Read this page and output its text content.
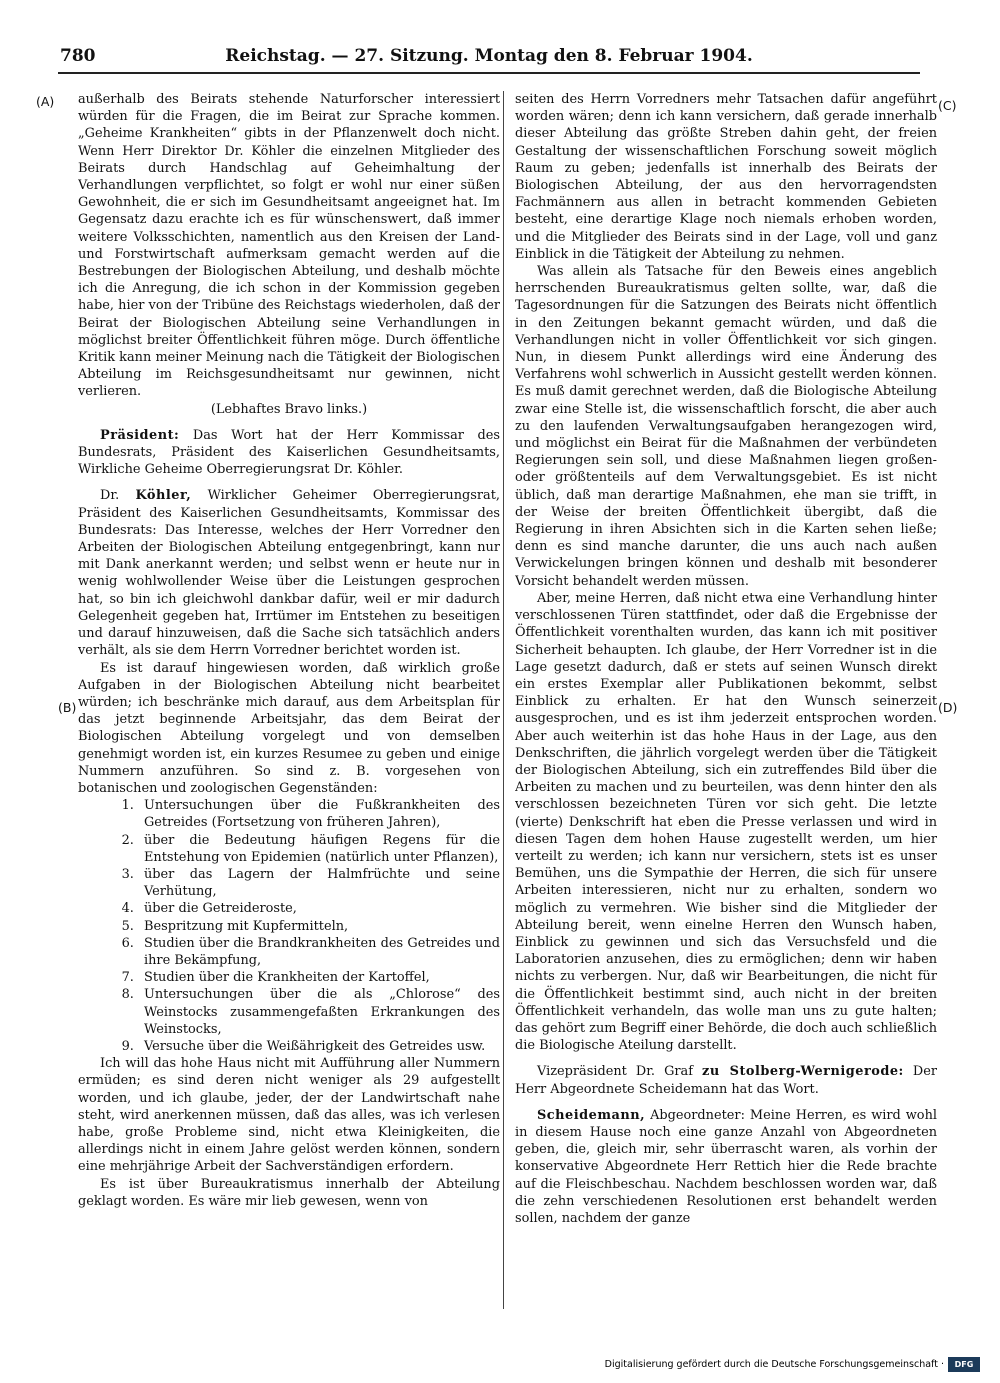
780	Reichstag. — 27. Sitzung. Montag den 8. Februar 1904.
(A)
(B)
(C)
(D)

außerhalb des Beirats stehende Naturforscher interessiert würden für die Fragen, die im Beirat zur Sprache kommen. „Geheime Krankheiten“ gibts in der Pflanzenwelt doch nicht. Wenn Herr Direktor Dr. Köhler die einzelnen Mitglieder des Beirats durch Handschlag auf Geheimhaltung der Verhandlungen verpflichtet, so folgt er wohl nur einer süßen Gewohnheit, die er sich im Gesundheitsamt angeeignet hat. Im Gegensatz dazu erachte ich es für wünschenswert, daß immer weitere Volksschichten, namentlich aus den Kreisen der Land- und Forstwirtschaft aufmerksam gemacht werden auf die Bestrebungen der Biologischen Abteilung, und deshalb möchte ich die Anregung, die ich schon in der Kommission gegeben habe, hier von der Tribüne des Reichstags wiederholen, daß der Beirat der Biologischen Abteilung seine Verhandlungen in möglichst breiter Öffentlichkeit führen möge. Durch öffentliche Kritik kann meiner Meinung nach die Tätigkeit der Biologischen Abteilung im Reichsgesundheitsamt nur gewinnen, nicht verlieren.

(Lebhaftes Bravo links.)

Präsident: Das Wort hat der Herr Kommissar des Bundesrats, Präsident des Kaiserlichen Gesundheitsamts, Wirkliche Geheime Oberregierungsrat Dr. Köhler.

Dr. Köhler, Wirklicher Geheimer Oberregierungsrat, Präsident des Kaiserlichen Gesundheitsamts, Kommissar des Bundesrats: Das Interesse, welches der Herr Vorredner den Arbeiten der Biologischen Abteilung entgegenbringt, kann nur mit Dank anerkannt werden; und selbst wenn er heute nur in wenig wohlwollender Weise über die Leistungen gesprochen hat, so bin ich gleichwohl dankbar dafür, weil er mir dadurch Gelegenheit gegeben hat, Irrtümer im Entstehen zu beseitigen und darauf hinzuweisen, daß die Sache sich tatsächlich anders verhält, als sie dem Herrn Vorredner berichtet worden ist.

Es ist darauf hingewiesen worden, daß wirklich große Aufgaben in der Biologischen Abteilung nicht bearbeitet würden; ich beschränke mich darauf, aus dem Arbeitsplan für das jetzt beginnende Arbeitsjahr, das dem Beirat der Biologischen Abteilung vorgelegt und von demselben genehmigt worden ist, ein kurzes Resumee zu geben und einige Nummern anzuführen. So sind z. B. vorgesehen von botanischen und zoologischen Gegenständen:

1. Untersuchungen über die Fußkrankheiten des Getreides (Fortsetzung von früheren Jahren),
2. über die Bedeutung häufigen Regens für die Entstehung von Epidemien (natürlich unter Pflanzen),
3. über das Lagern der Halmfrüchte und seine Verhütung,
4. über die Getreideroste,
5. Bespritzung mit Kupfermitteln,
6. Studien über die Brandkrankheiten des Getreides und ihre Bekämpfung,
7. Studien über die Krankheiten der Kartoffel,
8. Untersuchungen über die als „Chlorose“ des Weinstocks zusammengefaßten Erkrankungen des Weinstocks,
9. Versuche über die Weißährigkeit des Getreides usw.

Ich will das hohe Haus nicht mit Aufführung aller Nummern ermüden; es sind deren nicht weniger als 29 aufgestellt worden, und ich glaube, jeder, der der Landwirtschaft nahe steht, wird anerkennen müssen, daß das alles, was ich verlesen habe, große Probleme sind, nicht etwa Kleinigkeiten, die allerdings nicht in einem Jahre gelöst werden können, sondern eine mehrjährige Arbeit der Sachverständigen erfordern.

Es ist über Bureaukratismus innerhalb der Abteilung geklagt worden. Es wäre mir lieb gewesen, wenn von

seiten des Herrn Vorredners mehr Tatsachen dafür angeführt worden wären; denn ich kann versichern, daß gerade innerhalb dieser Abteilung das größte Streben dahin geht, der freien Gestaltung der wissenschaftlichen Forschung soweit möglich Raum zu geben; jedenfalls ist innerhalb des Beirats der Biologischen Abteilung, der aus den hervorragendsten Fachmännern aus allen in betracht kommenden Gebieten besteht, eine derartige Klage noch niemals erhoben worden, und die Mitglieder des Beirats sind in der Lage, voll und ganz Einblick in die Tätigkeit der Abteilung zu nehmen.

Was allein als Tatsache für den Beweis eines angeblich herrschenden Bureaukratismus gelten sollte, war, daß die Tagesordnungen für die Satzungen des Beirats nicht öffentlich in den Zeitungen bekannt gemacht würden, und daß die Verhandlungen nicht in voller Öffentlichkeit vor sich gingen. Nun, in diesem Punkt allerdings wird eine Änderung des Verfahrens wohl schwerlich in Aussicht gestellt werden können. Es muß damit gerechnet werden, daß die Biologische Abteilung zwar eine Stelle ist, die wissenschaftlich forscht, die aber auch zu den laufenden Verwaltungsaufgaben herangezogen wird, und möglichst ein Beirat für die Maßnahmen der verbündeten Regierungen sein soll, und diese Maßnahmen liegen großen- oder größtenteils auf dem Verwaltungsgebiet. Es ist nicht üblich, daß man derartige Maßnahmen, ehe man sie trifft, in der Weise der breiten Öffentlichkeit übergibt, daß die Regierung in ihren Absichten sich in die Karten sehen ließe; denn es sind manche darunter, die uns auch nach außen Verwickelungen bringen können und deshalb mit besonderer Vorsicht behandelt werden müssen.

Aber, meine Herren, daß nicht etwa eine Verhandlung hinter verschlossenen Türen stattfindet, oder daß die Ergebnisse der Öffentlichkeit vorenthalten wurden, das kann ich mit positiver Sicherheit behaupten. Ich glaube, der Herr Vorredner ist in die Lage gesetzt dadurch, daß er stets auf seinen Wunsch direkt ein erstes Exemplar aller Publikationen bekommt, selbst Einblick zu erhalten. Er hat den Wunsch seinerzeit ausgesprochen, und es ist ihm jederzeit entsprochen worden. Aber auch weiterhin ist das hohe Haus in der Lage, aus den Denkschriften, die jährlich vorgelegt werden über die Tätigkeit der Biologischen Abteilung, sich ein zutreffendes Bild über die Arbeiten zu machen und zu beurteilen, was denn hinter den als verschlossen bezeichneten Türen vor sich geht. Die letzte (vierte) Denkschrift hat eben die Presse verlassen und wird in diesen Tagen dem hohen Hause zugestellt werden, um hier verteilt zu werden; ich kann nur versichern, stets ist es unser Bemühen, uns die Sympathie der Herren, die sich für unsere Arbeiten interessieren, nicht nur zu erhalten, sondern wo möglich zu vermehren. Wie bisher sind die Mitglieder der Abteilung bereit, wenn einelne Herren den Wunsch haben, Einblick zu gewinnen und sich das Versuchsfeld und die Laboratorien anzusehen, dies zu ermöglichen; denn wir haben nichts zu verbergen. Nur, daß wir Bearbeitungen, die nicht für die Öffentlichkeit bestimmt sind, auch nicht in der breiten Öffentlichkeit verhandeln, das wolle man uns zu gute halten; das gehört zum Begriff einer Behörde, die doch auch schließlich die Biologische Ateilung darstellt.

Vizepräsident Dr. Graf zu Stolberg-Wernigerode: Der Herr Abgeordnete Scheidemann hat das Wort.

Scheidemann, Abgeordneter: Meine Herren, es wird wohl in diesem Hause noch eine ganze Anzahl von Abgeordneten geben, die, gleich mir, sehr überrascht waren, als vorhin der konservative Abgeordnete Herr Rettich hier die Rede brachte auf die Fleischbeschau. Nachdem beschlossen worden war, daß die zehn verschiedenen Resolutionen erst behandelt werden sollen, nachdem der ganze

Digitalisierung gefördert durch die Deutsche Forschungsgemeinschaft ·	DFG
